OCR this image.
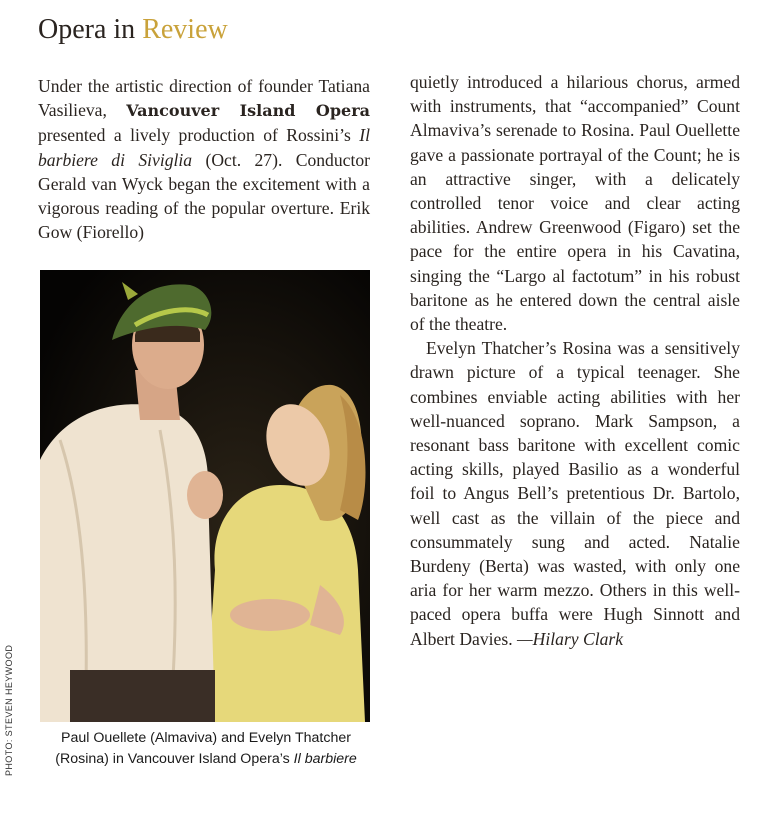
Opera in Review

Under the artistic direction of founder Tatiana Vasilieva, Vancouver Island Opera presented a lively production of Rossini’s Il barbiere di Siviglia (Oct. 27). Conductor Gerald van Wyck began the excitement with a vigorous reading of the popular overture. Erik Gow (Fiorello)

Paul Ouellete (Almaviva) and Evelyn Thatcher (Rosina) in Vancouver Island Opera’s Il barbiere
PHOTO: STEVEN HEYWOOD

quietly introduced a hilarious chorus, armed with instruments, that “accompanied” Count Almaviva’s serenade to Rosina. Paul Ouellette gave a passionate portrayal of the Count; he is an attractive singer, with a delicately controlled tenor voice and clear acting abilities. Andrew Greenwood (Figaro) set the pace for the entire opera in his Cavatina, singing the “Largo al factotum” in his robust baritone as he entered down the central aisle of the theatre.

Evelyn Thatcher’s Rosina was a sensitively drawn picture of a typical teenager. She combines enviable acting abilities with her well-nuanced soprano. Mark Sampson, a resonant bass baritone with excellent comic acting skills, played Basilio as a wonderful foil to Angus Bell’s pretentious Dr. Bartolo, well cast as the villain of the piece and consummately sung and acted. Natalie Burdeny (Berta) was wasted, with only one aria for her warm mezzo. Others in this well-paced opera buffa were Hugh Sinnott and Albert Davies. —Hilary Clark
